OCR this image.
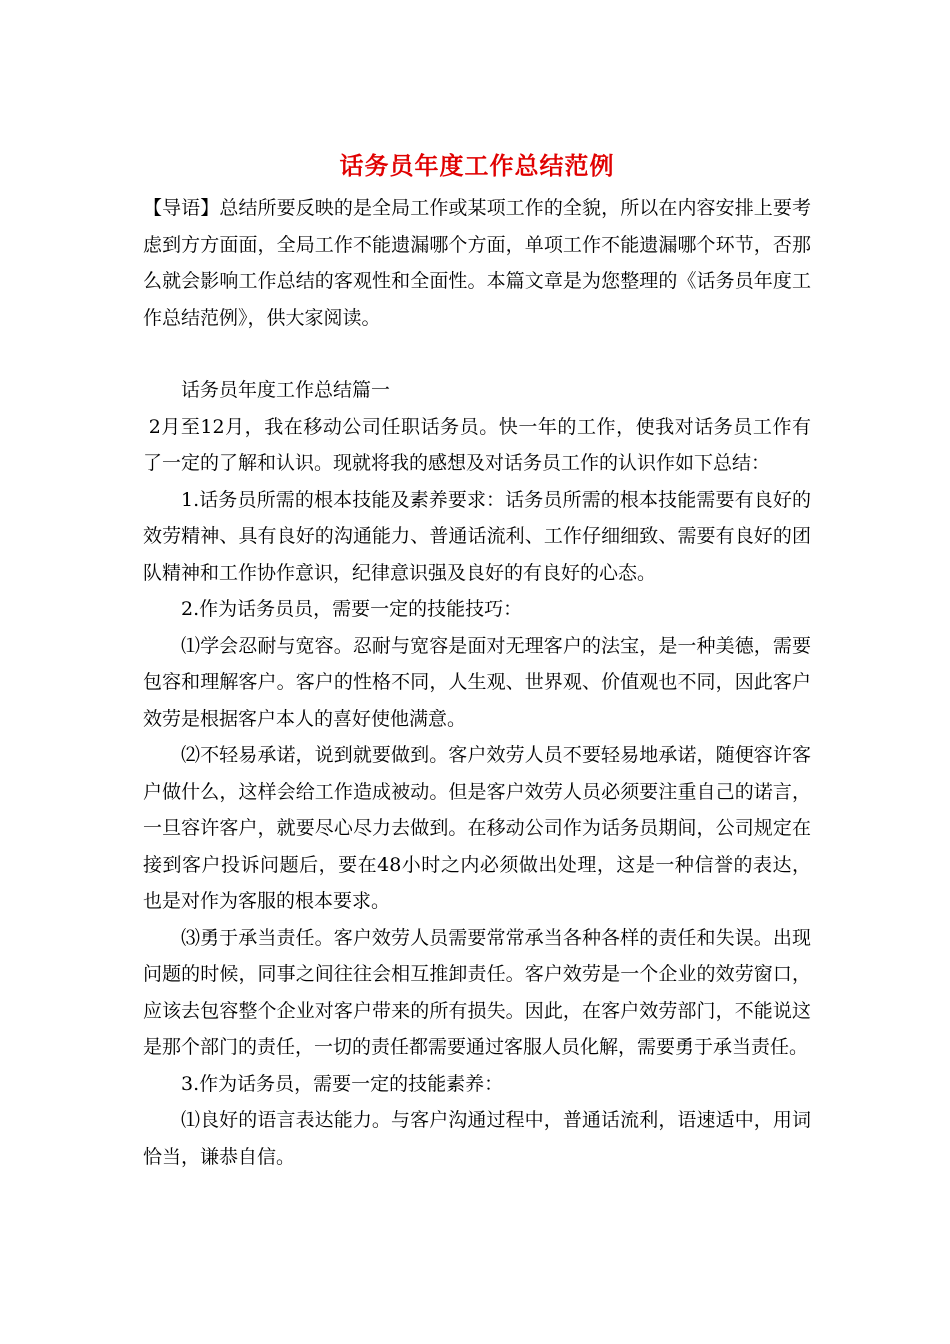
话务员年度工作总结范例

【导语】总结所要反映的是全局工作或某项工作的全貌，所以在内容安排上要考虑到方方面面，全局工作不能遗漏哪个方面，单项工作不能遗漏哪个环节，否那么就会影响工作总结的客观性和全面性。本篇文章是为您整理的《话务员年度工作总结范例》，供大家阅读。

话务员年度工作总结篇一

2月至12月，我在移动公司任职话务员。快一年的工作，使我对话务员工作有了一定的了解和认识。现就将我的感想及对话务员工作的认识作如下总结：

1.话务员所需的根本技能及素养要求：话务员所需的根本技能需要有良好的效劳精神、具有良好的沟通能力、普通话流利、工作仔细细致、需要有良好的团队精神和工作协作意识，纪律意识强及良好的有良好的心态。

2.作为话务员员，需要一定的技能技巧：

⑴学会忍耐与宽容。忍耐与宽容是面对无理客户的法宝，是一种美德，需要包容和理解客户。客户的性格不同，人生观、世界观、价值观也不同，因此客户效劳是根据客户本人的喜好使他满意。

⑵不轻易承诺，说到就要做到。客户效劳人员不要轻易地承诺，随便容许客户做什么，这样会给工作造成被动。但是客户效劳人员必须要注重自己的诺言，一旦容许客户，就要尽心尽力去做到。在移动公司作为话务员期间，公司规定在接到客户投诉问题后，要在48小时之内必须做出处理，这是一种信誉的表达，也是对作为客服的根本要求。

⑶勇于承当责任。客户效劳人员需要常常承当各种各样的责任和失误。出现问题的时候，同事之间往往会相互推卸责任。客户效劳是一个企业的效劳窗口，应该去包容整个企业对客户带来的所有损失。因此，在客户效劳部门，不能说这是那个部门的责任，一切的责任都需要通过客服人员化解，需要勇于承当责任。

3.作为话务员，需要一定的技能素养：

⑴良好的语言表达能力。与客户沟通过程中，普通话流利，语速适中，用词恰当，谦恭自信。
